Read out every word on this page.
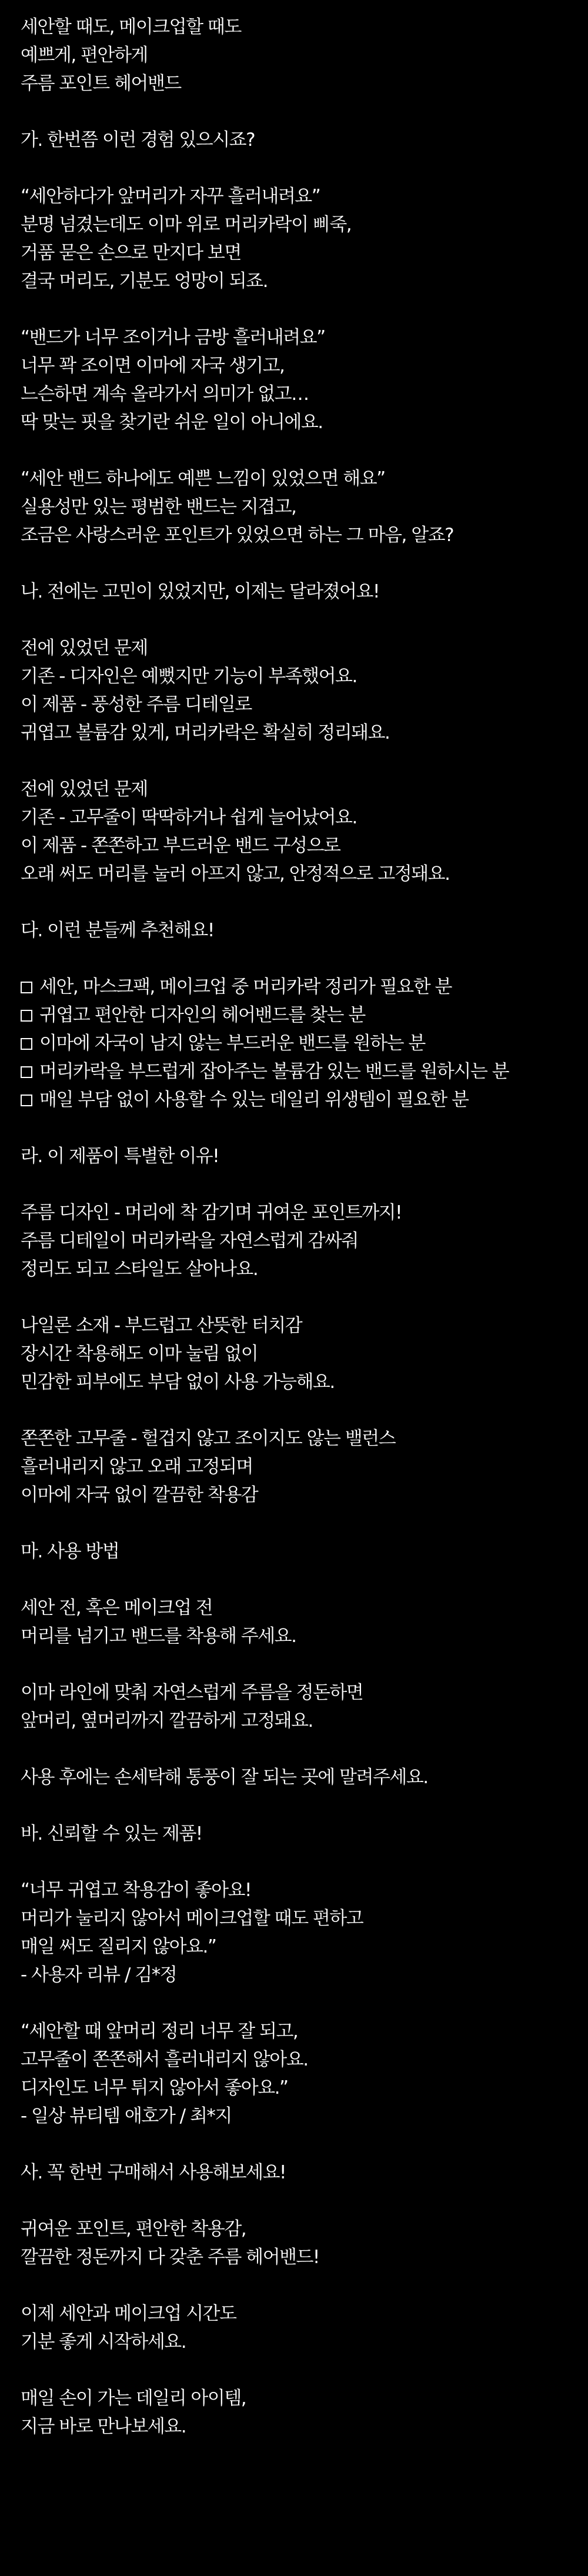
세안할 때도, 메이크업할 때도
예쁘게, 편안하게
주름 포인트 헤어밴드
가. 한번쯤 이런 경험 있으시죠?
“세안하다가 앞머리가 자꾸 흘러내려요”
분명 넘겼는데도 이마 위로 머리카락이 삐죽,
거품 묻은 손으로 만지다 보면
결국 머리도, 기분도 엉망이 되죠.
“밴드가 너무 조이거나 금방 흘러내려요”
너무 꽉 조이면 이마에 자국 생기고,
느슨하면 계속 올라가서 의미가 없고…
딱 맞는 핏을 찾기란 쉬운 일이 아니에요.
“세안 밴드 하나에도 예쁜 느낌이 있었으면 해요”
실용성만 있는 평범한 밴드는 지겹고,
조금은 사랑스러운 포인트가 있었으면 하는 그 마음, 알죠?
나. 전에는 고민이 있었지만, 이제는 달라졌어요!
전에 있었던 문제
기존 - 디자인은 예뻤지만 기능이 부족했어요.
이 제품 - 풍성한 주름 디테일로
귀엽고 볼륨감 있게, 머리카락은 확실히 정리돼요.
전에 있었던 문제
기존 - 고무줄이 딱딱하거나 쉽게 늘어났어요.
이 제품 - 쫀쫀하고 부드러운 밴드 구성으로
오래 써도 머리를 눌러 아프지 않고, 안정적으로 고정돼요.
다. 이런 분들께 추천해요!
세안, 마스크팩, 메이크업 중 머리카락 정리가 필요한 분
귀엽고 편안한 디자인의 헤어밴드를 찾는 분
이마에 자국이 남지 않는 부드러운 밴드를 원하는 분
머리카락을 부드럽게 잡아주는 볼륨감 있는 밴드를 원하시는 분
매일 부담 없이 사용할 수 있는 데일리 위생템이 필요한 분
라. 이 제품이 특별한 이유!
주름 디자인 - 머리에 착 감기며 귀여운 포인트까지!
주름 디테일이 머리카락을 자연스럽게 감싸줘
정리도 되고 스타일도 살아나요.
나일론 소재 - 부드럽고 산뜻한 터치감
장시간 착용해도 이마 눌림 없이
민감한 피부에도 부담 없이 사용 가능해요.
쫀쫀한 고무줄 - 헐겁지 않고 조이지도 않는 밸런스
흘러내리지 않고 오래 고정되며
이마에 자국 없이 깔끔한 착용감
마. 사용 방법
세안 전, 혹은 메이크업 전
머리를 넘기고 밴드를 착용해 주세요.
이마 라인에 맞춰 자연스럽게 주름을 정돈하면
앞머리, 옆머리까지 깔끔하게 고정돼요.
사용 후에는 손세탁해 통풍이 잘 되는 곳에 말려주세요.
바. 신뢰할 수 있는 제품!
“너무 귀엽고 착용감이 좋아요!
머리가 눌리지 않아서 메이크업할 때도 편하고
매일 써도 질리지 않아요.”
- 사용자 리뷰 / 김*정
“세안할 때 앞머리 정리 너무 잘 되고,
고무줄이 쫀쫀해서 흘러내리지 않아요.
디자인도 너무 튀지 않아서 좋아요.”
- 일상 뷰티템 애호가 / 최*지
사. 꼭 한번 구매해서 사용해보세요!
귀여운 포인트, 편안한 착용감,
깔끔한 정돈까지 다 갖춘 주름 헤어밴드!
이제 세안과 메이크업 시간도
기분 좋게 시작하세요.
매일 손이 가는 데일리 아이템,
지금 바로 만나보세요.
